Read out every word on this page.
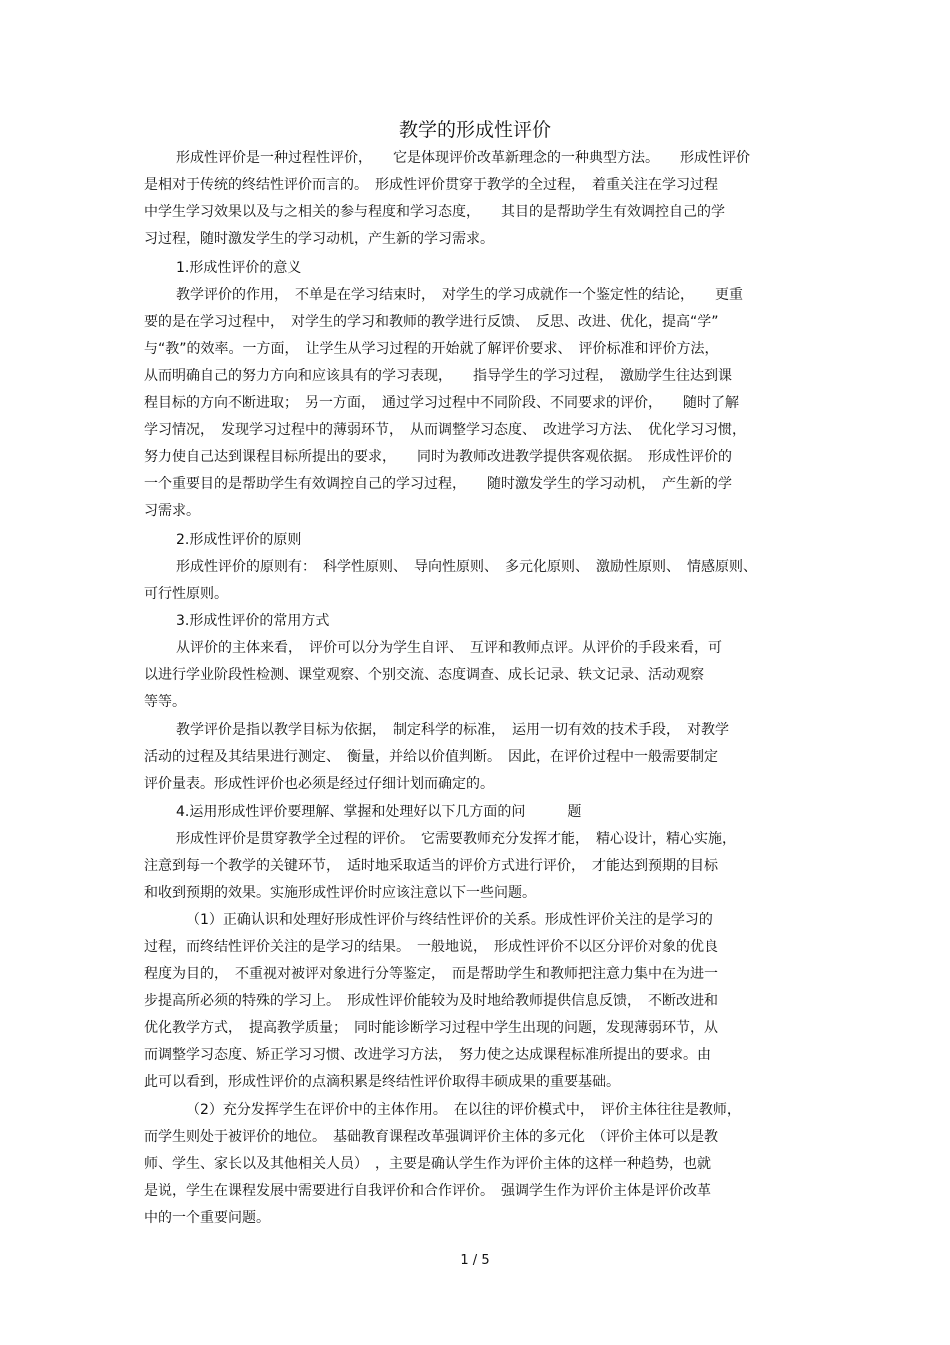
教学的形成性评价
形成性评价是一种过程性评价，　　它是体现评价改革新理念的一种典型方法。　　形成性评价
是相对于传统的终结性评价而言的。　形成性评价贯穿于教学的全过程，　着重关注在学习过程
中学生学习效果以及与之相关的参与程度和学习态度，　　其目的是帮助学生有效调控自己的学
习过程，随时激发学生的学习动机，产生新的学习需求。
1.形成性评价的意义
教学评价的作用，　不单是在学习结束时，　对学生的学习成就作一个鉴定性的结论，　　更重
要的是在学习过程中，　对学生的学习和教师的教学进行反馈、　反思、改进、优化，提高“学”
与“教”的效率。一方面，　让学生从学习过程的开始就了解评价要求、　评价标准和评价方法，
从而明确自己的努力方向和应该具有的学习表现，　　指导学生的学习过程，　激励学生往达到课
程目标的方向不断进取；　另一方面，　通过学习过程中不同阶段、不同要求的评价，　　随时了解
学习情况，　发现学习过程中的薄弱环节，　从而调整学习态度、　改进学习方法、　优化学习习惯，
努力使自己达到课程目标所提出的要求，　　同时为教师改进教学提供客观依据。　形成性评价的
一个重要目的是帮助学生有效调控自己的学习过程，　　随时激发学生的学习动机，　产生新的学
习需求。
2.形成性评价的原则
形成性评价的原则有：　科学性原则、　导向性原则、　多元化原则、　激励性原则、　情感原则、
可行性原则。
3.形成性评价的常用方式
从评价的主体来看，　评价可以分为学生自评、　互评和教师点评。从评价的手段来看，可
以进行学业阶段性检测、课堂观察、个别交流、态度调查、成长记录、轶文记录、活动观察
等等。
教学评价是指以教学目标为依据，　制定科学的标准，　运用一切有效的技术手段，　对教学
活动的过程及其结果进行测定、　衡量，并给以价值判断。　因此，在评价过程中一般需要制定
评价量表。形成性评价也必须是经过仔细计划而确定的。
4.运用形成性评价要理解、掌握和处理好以下几方面的问　　　题
形成性评价是贯穿教学全过程的评价。　它需要教师充分发挥才能，　精心设计，精心实施，
注意到每一个教学的关键环节，　适时地采取适当的评价方式进行评价，　才能达到预期的目标
和收到预期的效果。实施形成性评价时应该注意以下一些问题。
（1）正确认识和处理好形成性评价与终结性评价的关系。形成性评价关注的是学习的
过程，而终结性评价关注的是学习的结果。　一般地说，　形成性评价不以区分评价对象的优良
程度为目的，　不重视对被评对象进行分等鉴定，　而是帮助学生和教师把注意力集中在为进一
步提高所必须的特殊的学习上。　形成性评价能较为及时地给教师提供信息反馈，　不断改进和
优化教学方式，　提高教学质量；　同时能诊断学习过程中学生出现的问题，发现薄弱环节，从
而调整学习态度、矫正学习习惯、改进学习方法，　努力使之达成课程标准所提出的要求。由
此可以看到，形成性评价的点滴积累是终结性评价取得丰硕成果的重要基础。
（2）充分发挥学生在评价中的主体作用。　在以往的评价模式中，　评价主体往往是教师，
而学生则处于被评价的地位。　基础教育课程改革强调评价主体的多元化　（评价主体可以是教
师、学生、家长以及其他相关人员）　，主要是确认学生作为评价主体的这样一种趋势，也就
是说，学生在课程发展中需要进行自我评价和合作评价。　强调学生作为评价主体是评价改革
中的一个重要问题。
1 / 5
